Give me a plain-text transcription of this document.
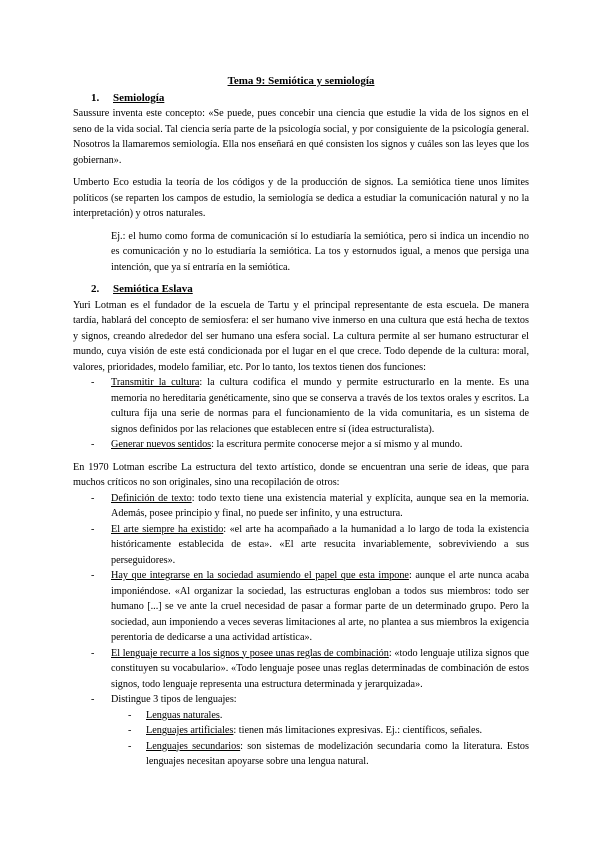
Tema 9: Semiótica y semiología
1.	Semiología

Saussure inventa este concepto: «Se puede, pues concebir una ciencia que estudie la vida de los signos en el seno de la vida social. Tal ciencia sería parte de la psicología social, y por consiguiente de la psicología general. Nosotros la llamaremos semiología. Ella nos enseñará en qué consisten los signos y cuáles son las leyes que los gobiernan».

Umberto Eco estudia la teoría de los códigos y de la producción de signos. La semiótica tiene unos límites políticos (se reparten los campos de estudio, la semiología se dedica a estudiar la comunicación natural y no la interpretación) y otros naturales.

Ej.: el humo como forma de comunicación sí lo estudiaría la semiótica, pero si indica un incendio no es comunicación y no lo estudiaría la semiótica. La tos y estornudos igual, a menos que persiga una intención, que ya sí entraría en la semiótica.
2.	Semiótica Eslava

Yuri Lotman es el fundador de la escuela de Tartu y el principal representante de esta escuela. De manera tardía, hablará del concepto de semiosfera: el ser humano vive inmerso en una cultura que está hecha de textos y signos, creando alrededor del ser humano una esfera social. La cultura permite al ser humano estructurar el mundo, cuya visión de este está condicionada por el lugar en el que crece. Todo depende de la cultura: moral, valores, prioridades, modelo familiar, etc. Por lo tanto, los textos tienen dos funciones:

- Transmitir la cultura: la cultura codifica el mundo y permite estructurarlo en la mente. Es una memoria no hereditaria genéticamente, sino que se conserva a través de los textos orales y escritos. La cultura fija una serie de normas para el funcionamiento de la vida comunitaria, es un sistema de signos definidos por las relaciones que establecen entre sí (idea estructuralista).
- Generar nuevos sentidos: la escritura permite conocerse mejor a sí mismo y al mundo.

En 1970 Lotman escribe La estructura del texto artístico, donde se encuentran una serie de ideas, que para muchos críticos no son originales, sino una recopilación de otros:

- Definición de texto: todo texto tiene una existencia material y explícita, aunque sea en la memoria. Además, posee principio y final, no puede ser infinito, y una estructura.
- El arte siempre ha existido: «el arte ha acompañado a la humanidad a lo largo de toda la existencia históricamente establecida de esta». «El arte resucita invariablemente, sobreviviendo a sus perseguidores».
- Hay que integrarse en la sociedad asumiendo el papel que esta impone: aunque el arte nunca acaba imponiéndose. «Al organizar la sociedad, las estructuras engloban a todos sus miembros: todo ser humano [...] se ve ante la cruel necesidad de pasar a formar parte de un determinado grupo. Pero la sociedad, aun imponiendo a veces severas limitaciones al arte, no plantea a sus miembros la exigencia perentoria de dedicarse a una actividad artística».
- El lenguaje recurre a los signos y posee unas reglas de combinación: «todo lenguaje utiliza signos que constituyen su vocabulario». «Todo lenguaje posee unas reglas determinadas de combinación de estos signos, todo lenguaje representa una estructura determinada y jerarquizada».
- Distingue 3 tipos de lenguajes:
- Lenguas naturales.
- Lenguajes artificiales: tienen más limitaciones expresivas. Ej.: científicos, señales.
- Lenguajes secundarios: son sistemas de modelización secundaria como la literatura. Estos lenguajes necesitan apoyarse sobre una lengua natural.
